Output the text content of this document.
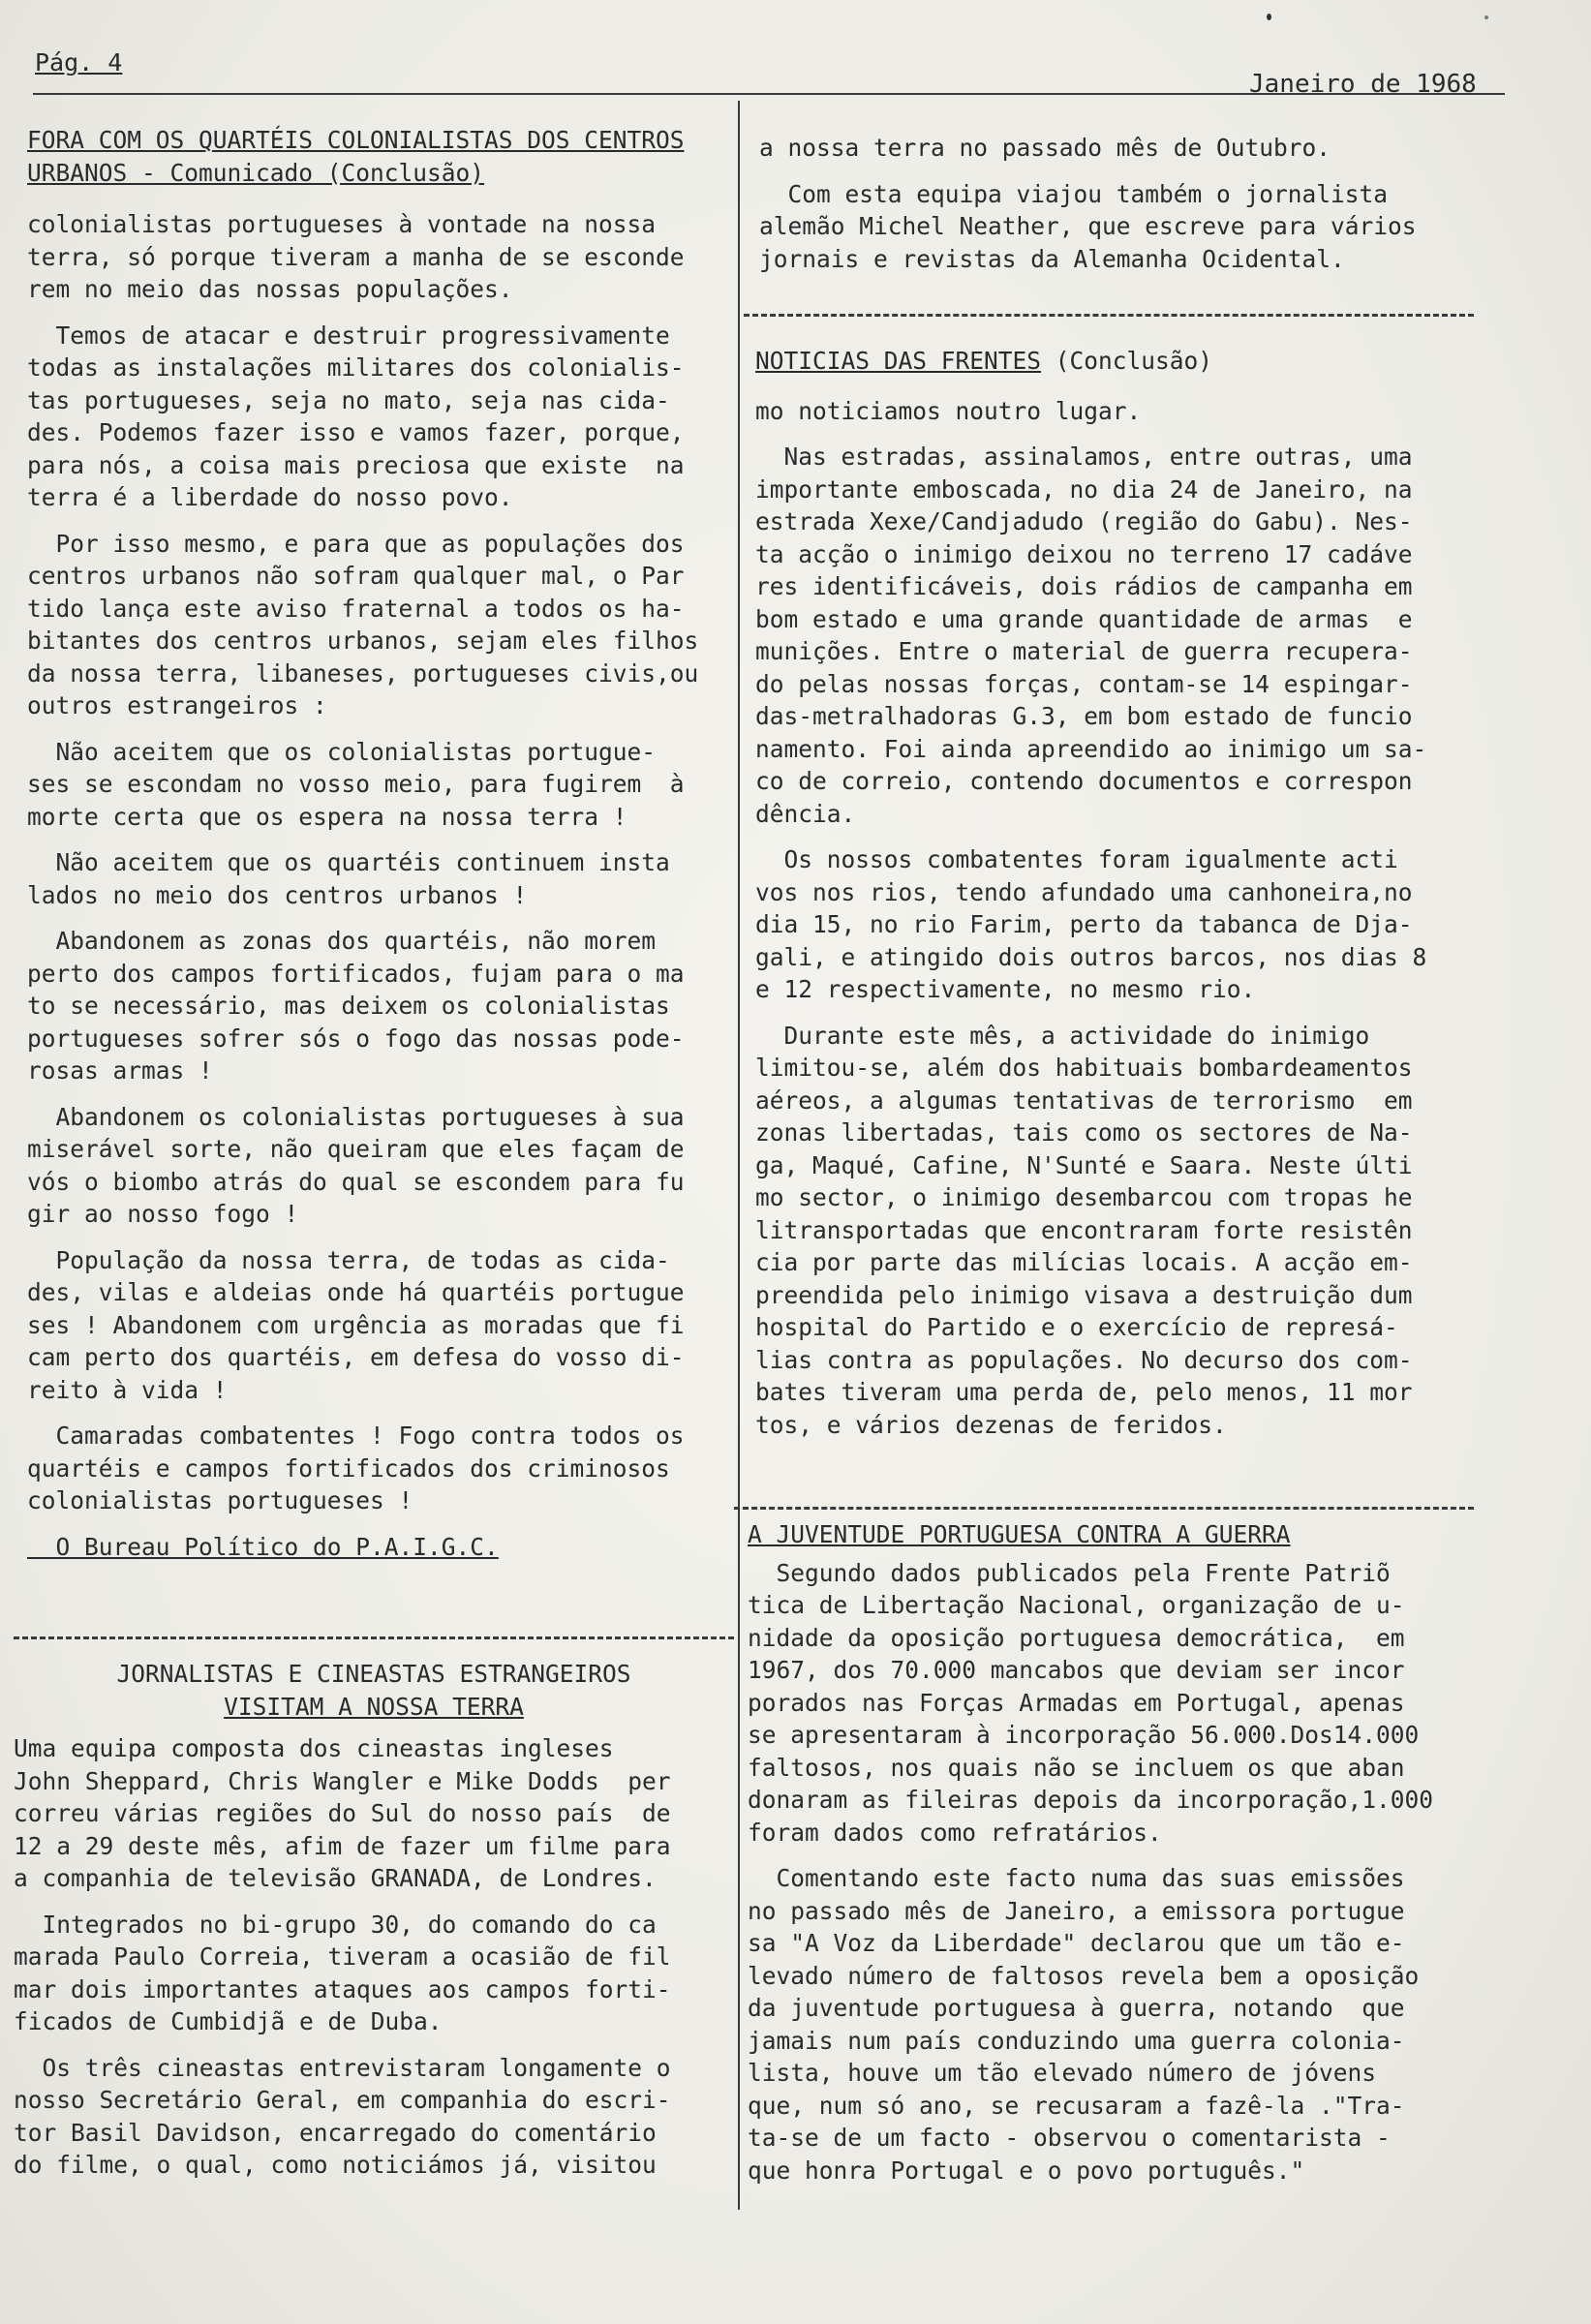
Pág. 4
Janeiro de 1968
FORA COM OS QUARTÉIS COLONIALISTAS DOS CENTROS
URBANOS - Comunicado (Conclusão)

colonialistas portugueses à vontade na nossa
terra, só porque tiveram a manha de se esconde
rem no meio das nossas populações.

Temos de atacar e destruir progressivamente
todas as instalações militares dos colonialis-
tas portugueses, seja no mato, seja nas cida-
des. Podemos fazer isso e vamos fazer, porque,
para nós, a coisa mais preciosa que existe  na
terra é a liberdade do nosso povo.

Por isso mesmo, e para que as populações dos
centros urbanos não sofram qualquer mal, o Par
tido lança este aviso fraternal a todos os ha-
bitantes dos centros urbanos, sejam eles filhos
da nossa terra, libaneses, portugueses civis,ou
outros estrangeiros :

Não aceitem que os colonialistas portugue-
ses se escondam no vosso meio, para fugirem  à
morte certa que os espera na nossa terra !

Não aceitem que os quartéis continuem insta
lados no meio dos centros urbanos !

Abandonem as zonas dos quartéis, não morem
perto dos campos fortificados, fujam para o ma
to se necessário, mas deixem os colonialistas
portugueses sofrer sós o fogo das nossas pode-
rosas armas !

Abandonem os colonialistas portugueses à sua
miserável sorte, não queiram que eles façam de
vós o biombo atrás do qual se escondem para fu
gir ao nosso fogo !

População da nossa terra, de todas as cida-
des, vilas e aldeias onde há quartéis portugue
ses ! Abandonem com urgência as moradas que fi
cam perto dos quartéis, em defesa do vosso di-
reito à vida !

Camaradas combatentes ! Fogo contra todos os
quartéis e campos fortificados dos criminosos
colonialistas portugueses !

O Bureau Político do P.A.I.G.C.
JORNALISTAS E CINEASTAS ESTRANGEIROS
VISITAM A NOSSA TERRA

Uma equipa composta dos cineastas ingleses
John Sheppard, Chris Wangler e Mike Dodds  per
correu várias regiões do Sul do nosso país  de
12 a 29 deste mês, afim de fazer um filme para
a companhia de televisão GRANADA, de Londres.

Integrados no bi-grupo 30, do comando do ca
marada Paulo Correia, tiveram a ocasião de fil
mar dois importantes ataques aos campos forti-
ficados de Cumbidjã e de Duba.

Os três cineastas entrevistaram longamente o
nosso Secretário Geral, em companhia do escri-
tor Basil Davidson, encarregado do comentário
do filme, o qual, como noticiámos já, visitou

a nossa terra no passado mês de Outubro.

Com esta equipa viajou também o jornalista
alemão Michel Neather, que escreve para vários
jornais e revistas da Alemanha Ocidental.

NOTICIAS DAS FRENTES (Conclusão)

mo noticiamos noutro lugar.

Nas estradas, assinalamos, entre outras, uma
importante emboscada, no dia 24 de Janeiro, na
estrada Xexe/Candjadudo (região do Gabu). Nes-
ta acção o inimigo deixou no terreno 17 cadáve
res identificáveis, dois rádios de campanha em
bom estado e uma grande quantidade de armas  e
munições. Entre o material de guerra recupera-
do pelas nossas forças, contam-se 14 espingar-
das-metralhadoras G.3, em bom estado de funcio
namento. Foi ainda apreendido ao inimigo um sa-
co de correio, contendo documentos e correspon
dência.

Os nossos combatentes foram igualmente acti
vos nos rios, tendo afundado uma canhoneira,no
dia 15, no rio Farim, perto da tabanca de Dja-
gali, e atingido dois outros barcos, nos dias 8
e 12 respectivamente, no mesmo rio.

Durante este mês, a actividade do inimigo
limitou-se, além dos habituais bombardeamentos
aéreos, a algumas tentativas de terrorismo  em
zonas libertadas, tais como os sectores de Na-
ga, Maqué, Cafine, N'Sunté e Saara. Neste últi
mo sector, o inimigo desembarcou com tropas he
litransportadas que encontraram forte resistên
cia por parte das milícias locais. A acção em-
preendida pelo inimigo visava a destruição dum
hospital do Partido e o exercício de represá-
lias contra as populações. No decurso dos com-
bates tiveram uma perda de, pelo menos, 11 mor
tos, e vários dezenas de feridos.

A JUVENTUDE PORTUGUESA CONTRA A GUERRA

Segundo dados publicados pela Frente Patriõ
tica de Libertação Nacional, organização de u-
nidade da oposição portuguesa democrática,  em
1967, dos 70.000 mancabos que deviam ser incor
porados nas Forças Armadas em Portugal, apenas
se apresentaram à incorporação 56.000.Dos14.000
faltosos, nos quais não se incluem os que aban
donaram as fileiras depois da incorporação,1.000
foram dados como refratários.

Comentando este facto numa das suas emissões
no passado mês de Janeiro, a emissora portugue
sa "A Voz da Liberdade" declarou que um tão e-
levado número de faltosos revela bem a oposição
da juventude portuguesa à guerra, notando  que
jamais num país conduzindo uma guerra colonia-
lista, houve um tão elevado número de jóvens
que, num só ano, se recusaram a fazê-la ."Tra-
ta-se de um facto - observou o comentarista -
que honra Portugal e o povo português."
